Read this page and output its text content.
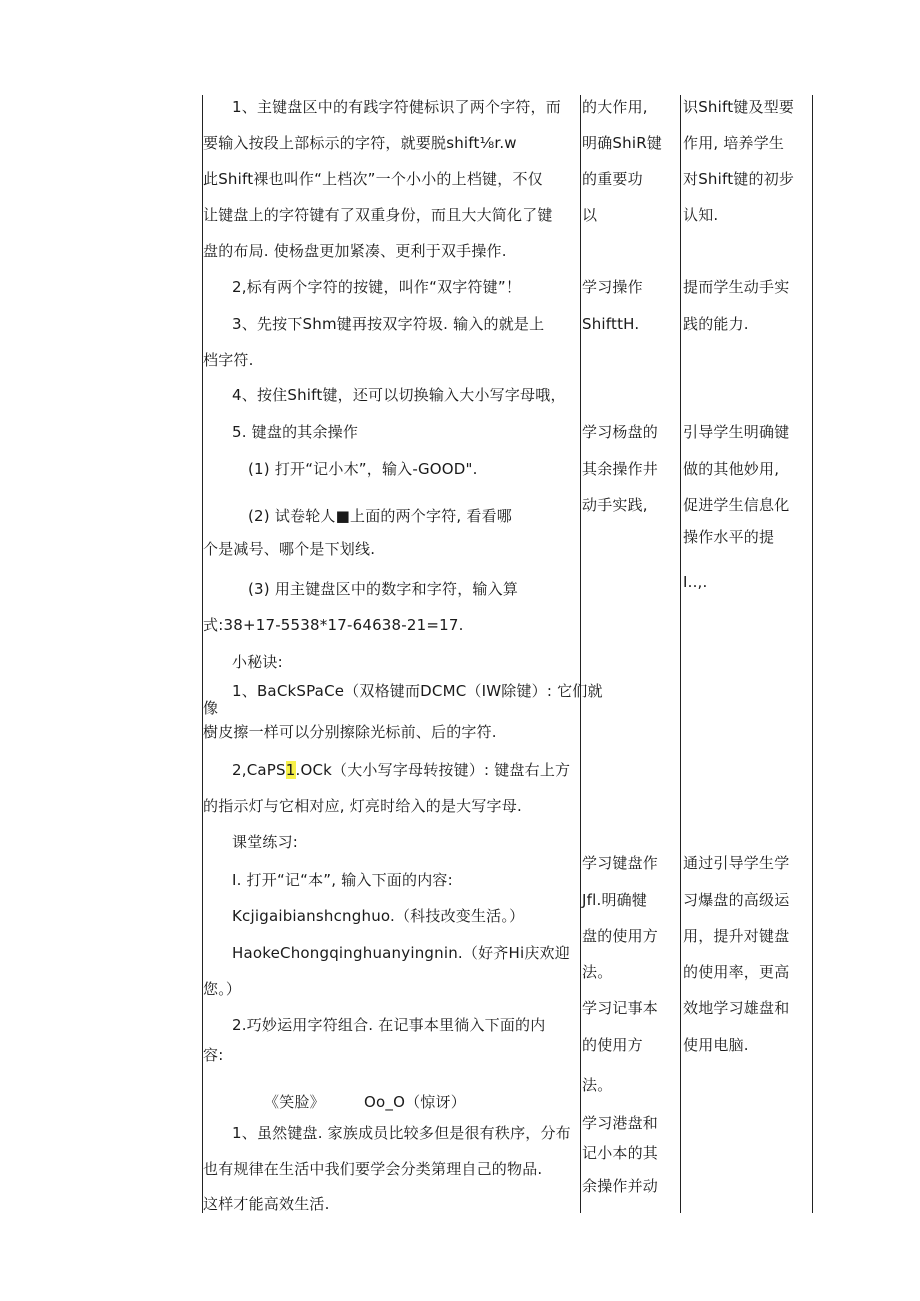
1、主键盘区中的有践字符健标识了两个字符，而
要输入按段上部标示的字符，就要脱shift⅛r.w
此Shift裸也叫作“上档次”一个小小的上档键，不仅
让键盘上的字符键有了双重身份，而且大大简化了键
盘的布局. 使杨盘更加紧凑、更利于双手操作.
2,标有两个字符的按键，叫作“双字符键”！
3、先按下Shm键再按双字符圾. 输入的就是上
档字符.
4、按住Shift键，还可以切换输入大小写字母哦，
5. 键盘的其余操作
(1) 打开“记小木”，输入-GOOD".
(2) 试卷轮人■上面的两个字符, 看看哪
个是减号、哪个是下划线.
(3) 用主键盘区中的数字和字符，输入算
式:38+17-5538*17-64638-21=17.
小秘诀:
1、BaCkSPaCe（双格键而DCMC（IW除键）: 它们就
像
樹皮擦一样可以分别擦除光标前、后的字符.
2,CaPS1.OCk（大小写字母转按键）: 键盘右上方
的指示灯与它相对应, 灯亮时给入的是大写字母.
课堂练习:
I. 打开“记“本”, 输入下面的内容:
Kcjigaibianshcnghuo.（科技改变生活。）
HaokeChongqinghuanyingnin.（好齐Hi庆欢迎
您。）
2.巧妙运用字符组合. 在记事本里徜入下面的内
容:
《笑脸》	Oo_O（惊讶）
1、虽然键盘. 家族成员比较多但是很有秩序，分布
也有规律在生活中我们要学会分类第理自己的物品.
这样才能高效生活.
的大作用,
明确ShiR键
的重要功
以
学习操作
ShifttH.
学习杨盘的
其余操作井
动手实践,
学习键盘作
Jfl.明确犍
盘的使用方
法。
学习记事本
的使用方
法。
学习港盘和
记小本的其
余操作并动
识Shift键及型要
作用, 培养学生
对Shift键的初步
认知.
提而学生动手实
践的能力.
引导学生明确键
做的其他妙用,
促进学生信息化
操作水平的提
I..,.
通过引导学生学
习爆盘的高级运
用，提升对键盘
的使用率，更高
效地学习雄盘和
使用电脑.
